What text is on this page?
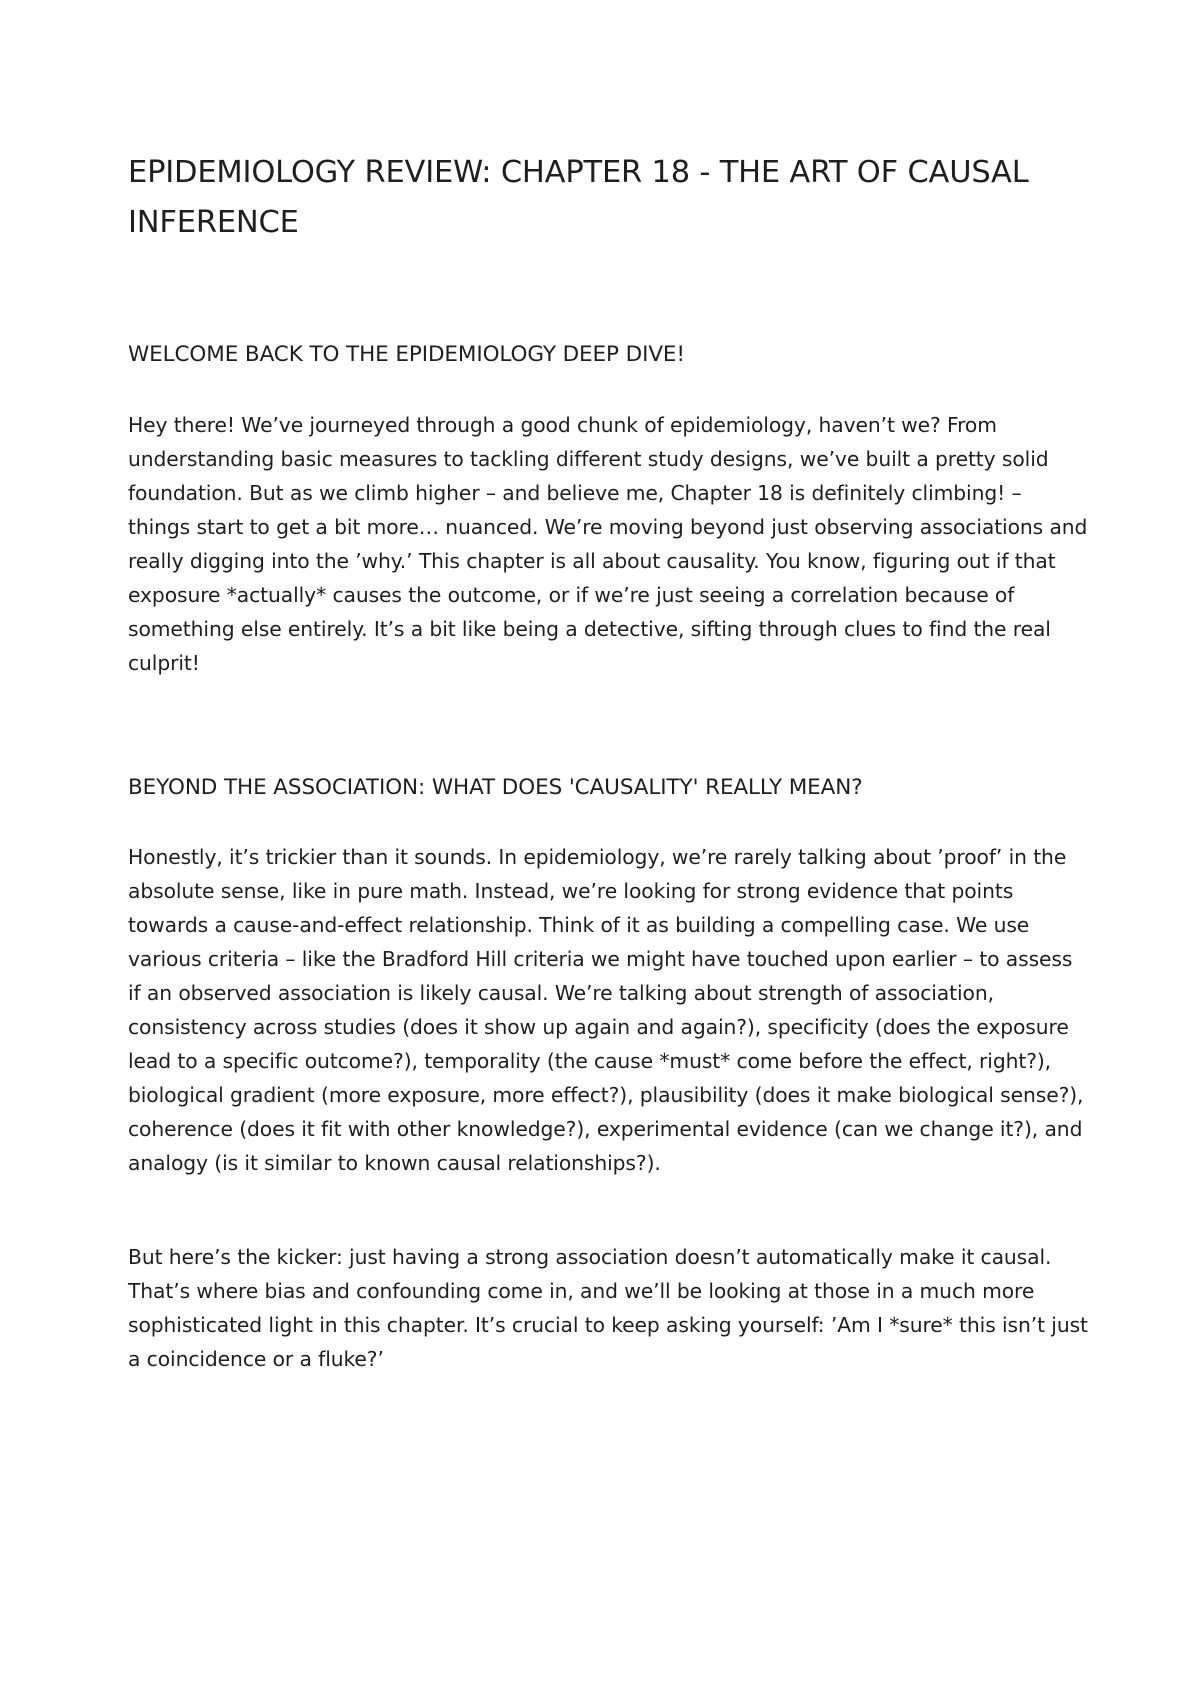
EPIDEMIOLOGY REVIEW: CHAPTER 18 - THE ART OF CAUSAL INFERENCE
WELCOME BACK TO THE EPIDEMIOLOGY DEEP DIVE!

Hey there! We’ve journeyed through a good chunk of epidemiology, haven’t we? From understanding basic measures to tackling different study designs, we’ve built a pretty solid foundation. But as we climb higher – and believe me, Chapter 18 is definitely climbing! – things start to get a bit more… nuanced. We’re moving beyond just observing associations and really digging into the ’why.’ This chapter is all about causality. You know, figuring out if that exposure *actually* causes the outcome, or if we’re just seeing a correlation because of something else entirely. It’s a bit like being a detective, sifting through clues to find the real culprit!

BEYOND THE ASSOCIATION: WHAT DOES 'CAUSALITY' REALLY MEAN?

Honestly, it’s trickier than it sounds. In epidemiology, we’re rarely talking about ’proof’ in the absolute sense, like in pure math. Instead, we’re looking for strong evidence that points towards a cause-and-effect relationship. Think of it as building a compelling case. We use various criteria – like the Bradford Hill criteria we might have touched upon earlier – to assess if an observed association is likely causal. We’re talking about strength of association, consistency across studies (does it show up again and again?), specificity (does the exposure lead to a specific outcome?), temporality (the cause *must* come before the effect, right?), biological gradient (more exposure, more effect?), plausibility (does it make biological sense?), coherence (does it fit with other knowledge?), experimental evidence (can we change it?), and analogy (is it similar to known causal relationships?).

But here’s the kicker: just having a strong association doesn’t automatically make it causal. That’s where bias and confounding come in, and we’ll be looking at those in a much more sophisticated light in this chapter. It’s crucial to keep asking yourself: ’Am I *sure* this isn’t just a coincidence or a fluke?’
